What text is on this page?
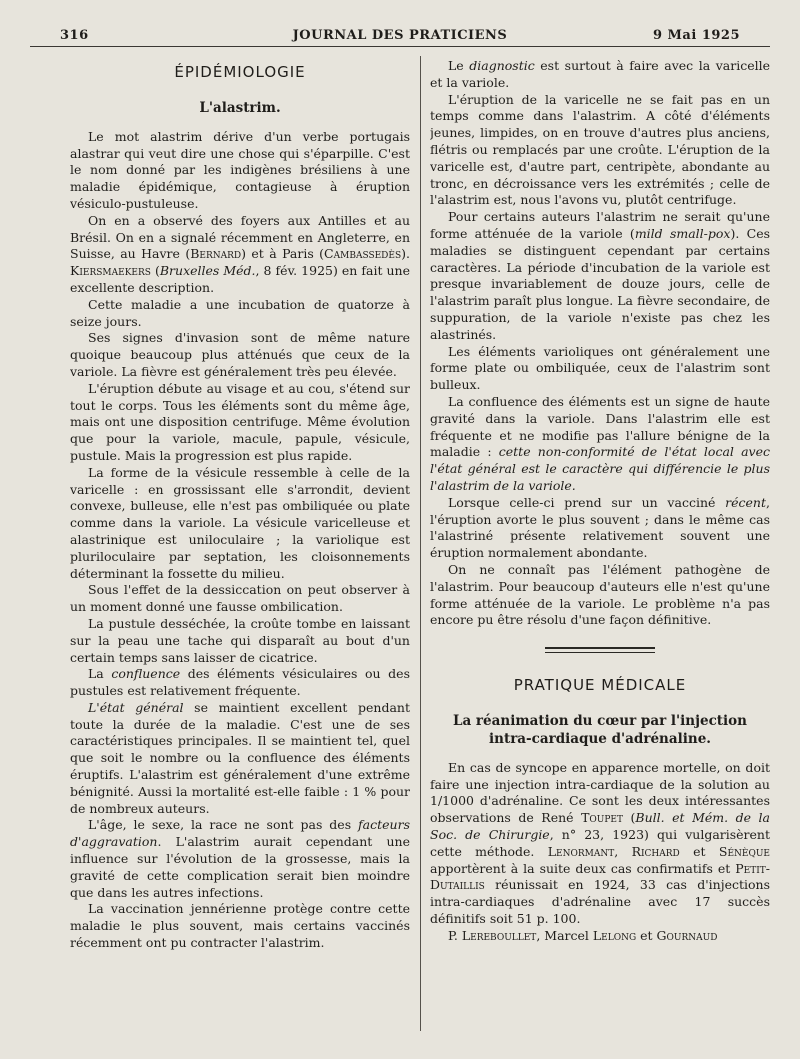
316	JOURNAL DES PRATICIENS	9 Mai 1925
ÉPIDÉMIOLOGIE
L'alastrim.

Le mot alastrim dérive d'un verbe portugais alastrar qui veut dire une chose qui s'éparpille. C'est le nom donné par les indigènes brésiliens à une maladie épidémique, contagieuse à éruption vésiculo-pustuleuse.

On en a observé des foyers aux Antilles et au Brésil. On en a signalé récemment en Angleterre, en Suisse, au Havre (Bernard) et à Paris (Cambassedès). Kiersmaekers (Bruxelles Méd., 8 fév. 1925) en fait une excellente description.

Cette maladie a une incubation de quatorze à seize jours.

Ses signes d'invasion sont de même nature quoique beaucoup plus atténués que ceux de la variole. La fièvre est généralement très peu élevée.

L'éruption débute au visage et au cou, s'étend sur tout le corps. Tous les éléments sont du même âge, mais ont une disposition centrifuge. Même évolution que pour la variole, macule, papule, vésicule, pustule. Mais la progression est plus rapide.

La forme de la vésicule ressemble à celle de la varicelle : en grossissant elle s'arrondit, devient convexe, bulleuse, elle n'est pas ombiliquée ou plate comme dans la variole. La vésicule varicelleuse et alastrinique est uniloculaire ; la variolique est pluriloculaire par septation, les cloisonnements déterminant la fossette du milieu.

Sous l'effet de la dessiccation on peut observer à un moment donné une fausse ombilication.

La pustule desséchée, la croûte tombe en laissant sur la peau une tache qui disparaît au bout d'un certain temps sans laisser de cicatrice.

La confluence des éléments vésiculaires ou des pustules est relativement fréquente.

L'état général se maintient excellent pendant toute la durée de la maladie. C'est une de ses caractéristiques principales. Il se maintient tel, quel que soit le nombre ou la confluence des éléments éruptifs. L'alastrim est généralement d'une extrême bénignité. Aussi la mortalité est-elle faible : 1 % pour de nombreux auteurs.

L'âge, le sexe, la race ne sont pas des facteurs d'aggravation. L'alastrim aurait cependant une influence sur l'évolution de la grossesse, mais la gravité de cette complication serait bien moindre que dans les autres infections.

La vaccination jennérienne protège contre cette maladie le plus souvent, mais certains vaccinés récemment ont pu contracter l'alastrim.

Le diagnostic est surtout à faire avec la varicelle et la variole.

L'éruption de la varicelle ne se fait pas en un temps comme dans l'alastrim. A côté d'éléments jeunes, limpides, on en trouve d'autres plus anciens, flétris ou remplacés par une croûte. L'éruption de la varicelle est, d'autre part, centripète, abondante au tronc, en décroissance vers les extrémités ; celle de l'alastrim est, nous l'avons vu, plutôt centrifuge.

Pour certains auteurs l'alastrim ne serait qu'une forme atténuée de la variole (mild small-pox). Ces maladies se distinguent cependant par certains caractères. La période d'incubation de la variole est presque invariablement de douze jours, celle de l'alastrim paraît plus longue. La fièvre secondaire, de suppuration, de la variole n'existe pas chez les alastrinés.

Les éléments varioliques ont généralement une forme plate ou ombiliquée, ceux de l'alastrim sont bulleux.

La confluence des éléments est un signe de haute gravité dans la variole. Dans l'alastrim elle est fréquente et ne modifie pas l'allure bénigne de la maladie : cette non-conformité de l'état local avec l'état général est le caractère qui différencie le plus l'alastrim de la variole.

Lorsque celle-ci prend sur un vacciné récent, l'éruption avorte le plus souvent ; dans le même cas l'alastriné présente relativement souvent une éruption normalement abondante.

On ne connaît pas l'élément pathogène de l'alastrim. Pour beaucoup d'auteurs elle n'est qu'une forme atténuée de la variole. Le problème n'a pas encore pu être résolu d'une façon définitive.

PRATIQUE MÉDICALE
La réanimation du cœur par l'injection intra-cardiaque d'adrénaline.

En cas de syncope en apparence mortelle, on doit faire une injection intra-cardiaque de la solution au 1/1000 d'adrénaline. Ce sont les deux intéressantes observations de René Toupet (Bull. et Mém. de la Soc. de Chirurgie, n° 23, 1923) qui vulgarisèrent cette méthode. Lenormant, Richard et Sénèque apportèrent à la suite deux cas confirmatifs et Petit-Dutaillis réunissait en 1924, 33 cas d'injections intra-cardiaques d'adrénaline avec 17 succès définitifs soit 51 p. 100.

P. Lereboullet, Marcel Lelong et Gournaud
